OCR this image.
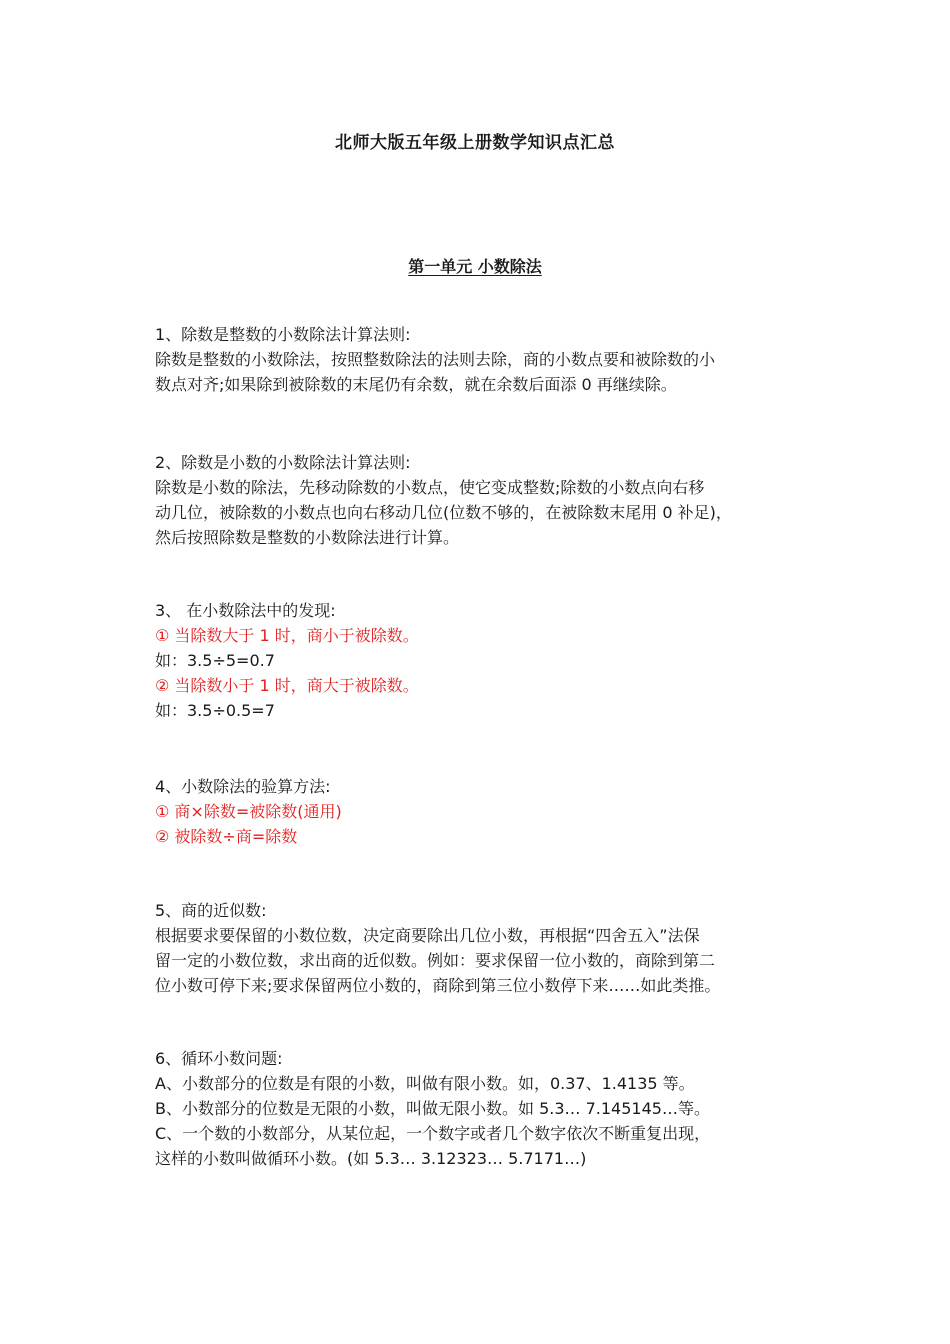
北师大版五年级上册数学知识点汇总
第一单元 小数除法
1、除数是整数的小数除法计算法则:
除数是整数的小数除法，按照整数除法的法则去除，商的小数点要和被除数的小
数点对齐;如果除到被除数的末尾仍有余数，就在余数后面添 0 再继续除。
2、除数是小数的小数除法计算法则:
除数是小数的除法，先移动除数的小数点，使它变成整数;除数的小数点向右移
动几位，被除数的小数点也向右移动几位(位数不够的，在被除数末尾用 0 补足)，
然后按照除数是整数的小数除法进行计算。
3、 在小数除法中的发现:
① 当除数大于 1 时，商小于被除数。
如：3.5÷5=0.7
② 当除数小于 1 时，商大于被除数。
如：3.5÷0.5=7
4、小数除法的验算方法:
① 商×除数=被除数(通用)
② 被除数÷商=除数
5、商的近似数:
根据要求要保留的小数位数，决定商要除出几位小数，再根据“四舍五入”法保
留一定的小数位数，求出商的近似数。例如：要求保留一位小数的，商除到第二
位小数可停下来;要求保留两位小数的，商除到第三位小数停下来……如此类推。
6、循环小数问题:
A、小数部分的位数是有限的小数，叫做有限小数。如，0.37、1.4135 等。
B、小数部分的位数是无限的小数，叫做无限小数。如 5.3… 7.145145…等。
C、一个数的小数部分，从某位起，一个数字或者几个数字依次不断重复出现，
这样的小数叫做循环小数。(如 5.3… 3.12323… 5.7171…)
